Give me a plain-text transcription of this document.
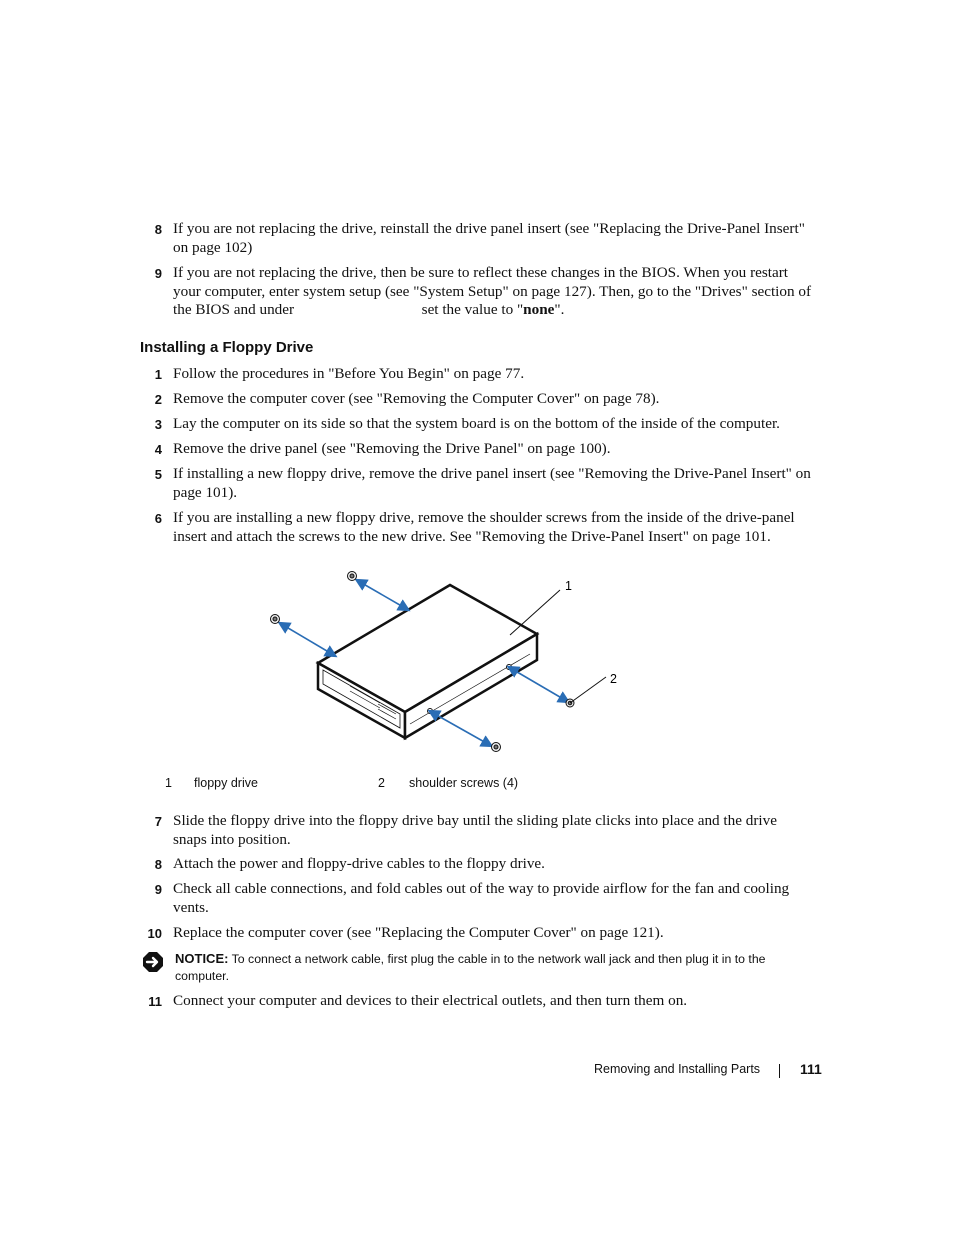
8 If you are not replacing the drive, reinstall the drive panel insert (see "Replacing the Drive-Panel Insert" on page 102)
9 If you are not replacing the drive, then be sure to reflect these changes in the BIOS. When you restart your computer, enter system setup (see "System Setup" on page 127). Then, go to the "Drives" section of the BIOS and under	set the value to "none".
Installing a Floppy Drive
1 Follow the procedures in "Before You Begin" on page 77.
2 Remove the computer cover (see "Removing the Computer Cover" on page 78).
3 Lay the computer on its side so that the system board is on the bottom of the inside of the computer.
4 Remove the drive panel (see "Removing the Drive Panel" on page 100).
5 If installing a new floppy drive, remove the drive panel insert (see "Removing the Drive-Panel Insert" on page 101).
6 If you are installing a new floppy drive, remove the shoulder screws from the inside of the drive-panel insert and attach the screws to the new drive. See "Removing the Drive-Panel Insert" on page 101.
1
2
1 floppy drive	2 shoulder screws (4)
7 Slide the floppy drive into the floppy drive bay until the sliding plate clicks into place and the drive snaps into position.
8 Attach the power and floppy-drive cables to the floppy drive.
9 Check all cable connections, and fold cables out of the way to provide airflow for the fan and cooling vents.
10 Replace the computer cover (see "Replacing the Computer Cover" on page 121).
NOTICE: To connect a network cable, first plug the cable in to the network wall jack and then plug it in to the computer.
11 Connect your computer and devices to their electrical outlets, and then turn them on.
Removing and Installing Parts	111
